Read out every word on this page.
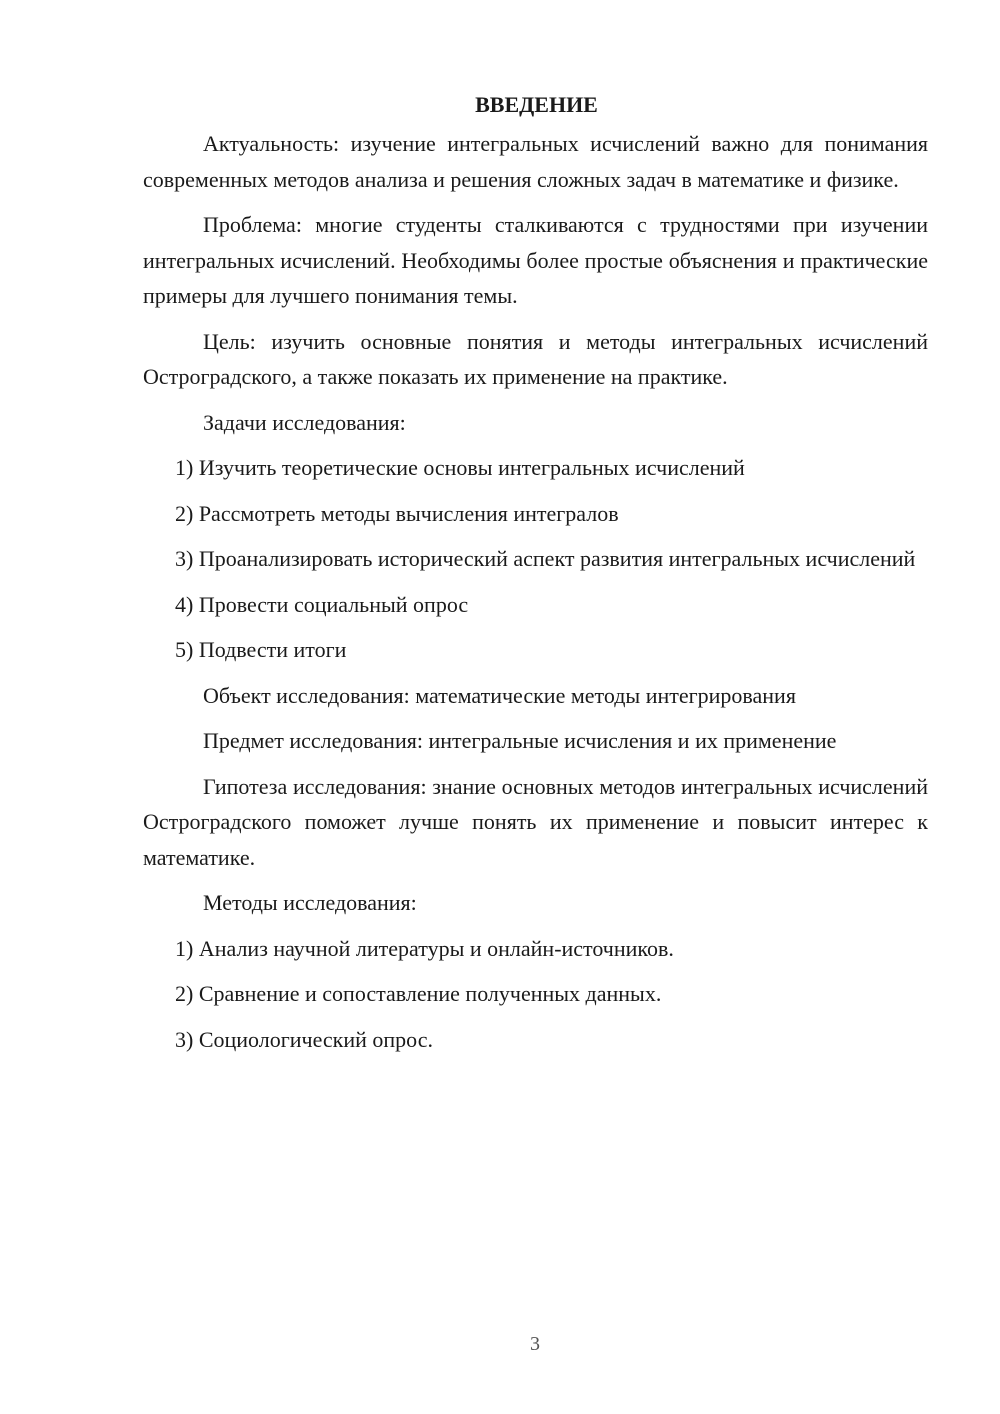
ВВЕДЕНИЕ

Актуальность: изучение интегральных исчислений важно для понимания современных методов анализа и решения сложных задач в математике и физике.

Проблема: многие студенты сталкиваются с трудностями при изучении интегральных исчислений. Необходимы более простые объяснения и практические примеры для лучшего понимания темы.

Цель: изучить основные понятия и методы интегральных исчислений Остроградского, а также показать их применение на практике.

Задачи исследования:

1) Изучить теоретические основы интегральных исчислений

2) Рассмотреть методы вычисления интегралов

3) Проанализировать исторический аспект развития интегральных исчислений

4) Провести социальный опрос

5) Подвести итоги

Объект исследования: математические методы интегрирования

Предмет исследования: интегральные исчисления и их применение

Гипотеза исследования: знание основных методов интегральных исчислений Остроградского поможет лучше понять их применение и повысит интерес к математике.

Методы исследования:

1) Анализ научной литературы и онлайн-источников.

2) Сравнение и сопоставление полученных данных.

3) Социологический опрос.

3
